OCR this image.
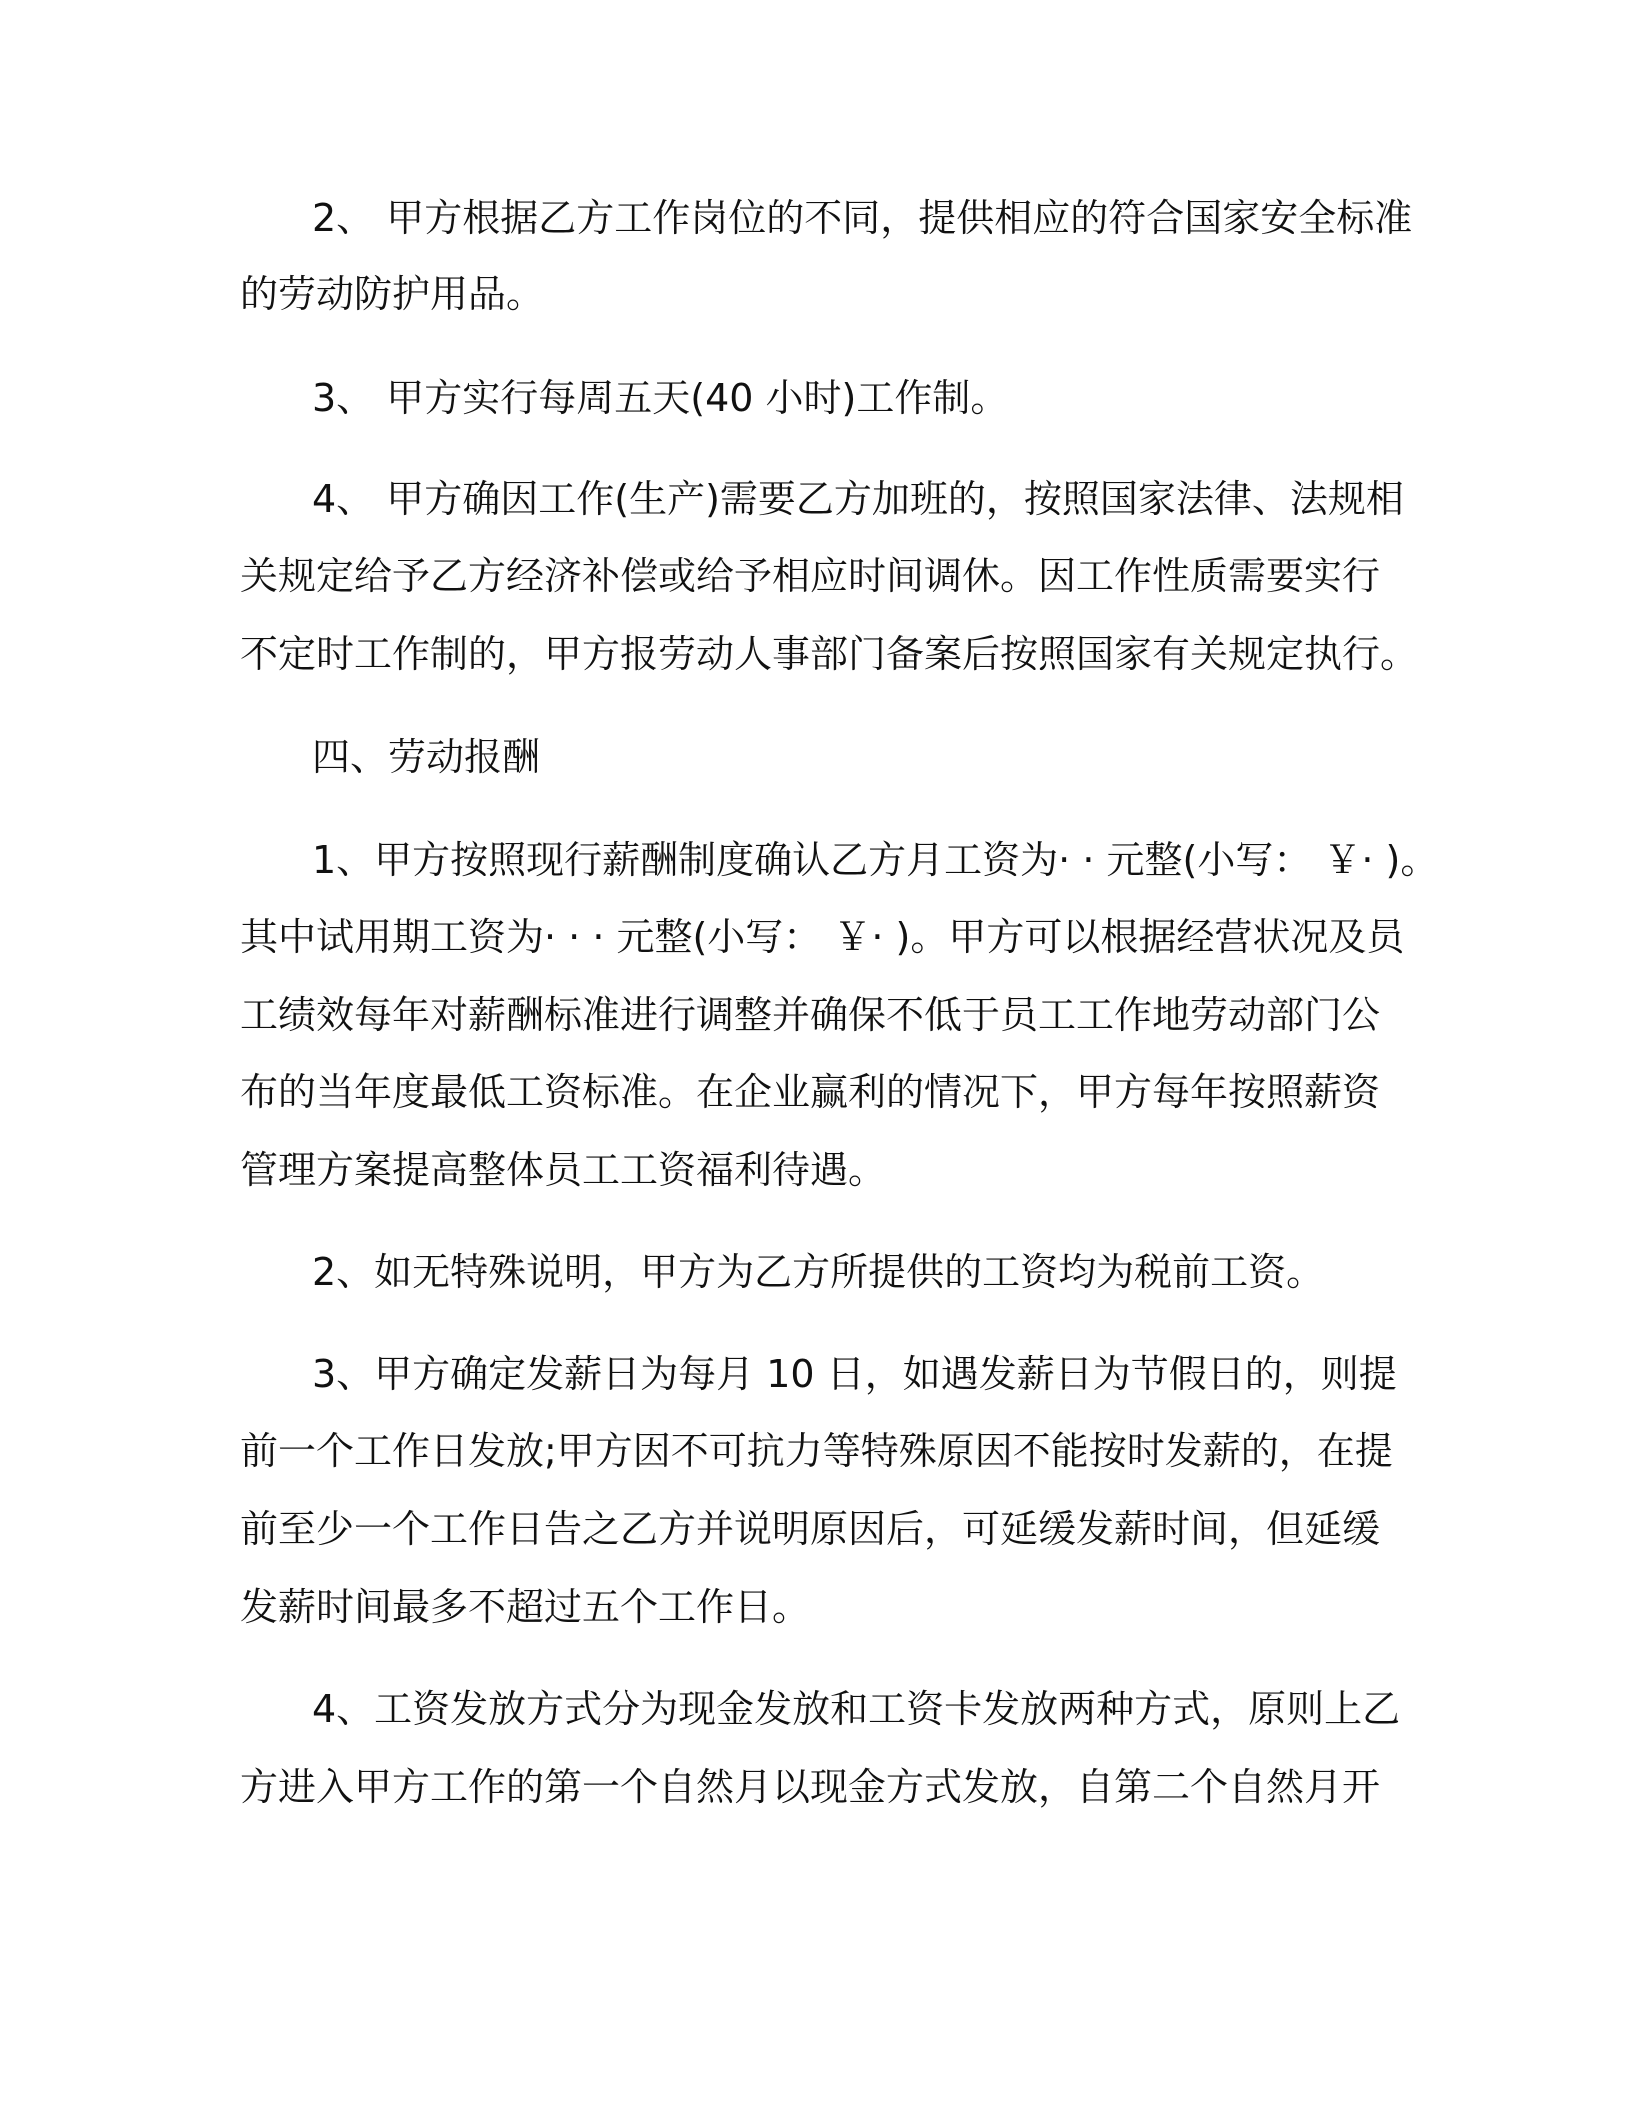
2、 甲方根据乙方工作岗位的不同，提供相应的符合国家安全标准
的劳动防护用品。
3、 甲方实行每周五天(40 小时)工作制。
4、 甲方确因工作(生产)需要乙方加班的，按照国家法律、法规相
关规定给予乙方经济补偿或给予相应时间调休。因工作性质需要实行
不定时工作制的，甲方报劳动人事部门备案后按照国家有关规定执行。
四、劳动报酬
1、甲方按照现行薪酬制度确认乙方月工资为· · 元整(小写： ￥· )。
其中试用期工资为· · · 元整(小写： ￥· )。甲方可以根据经营状况及员
工绩效每年对薪酬标准进行调整并确保不低于员工工作地劳动部门公
布的当年度最低工资标准。在企业赢利的情况下，甲方每年按照薪资
管理方案提高整体员工工资福利待遇。
2、如无特殊说明，甲方为乙方所提供的工资均为税前工资。
3、甲方确定发薪日为每月 10 日，如遇发薪日为节假日的，则提
前一个工作日发放;甲方因不可抗力等特殊原因不能按时发薪的，在提
前至少一个工作日告之乙方并说明原因后，可延缓发薪时间，但延缓
发薪时间最多不超过五个工作日。
4、工资发放方式分为现金发放和工资卡发放两种方式，原则上乙
方进入甲方工作的第一个自然月以现金方式发放，自第二个自然月开
